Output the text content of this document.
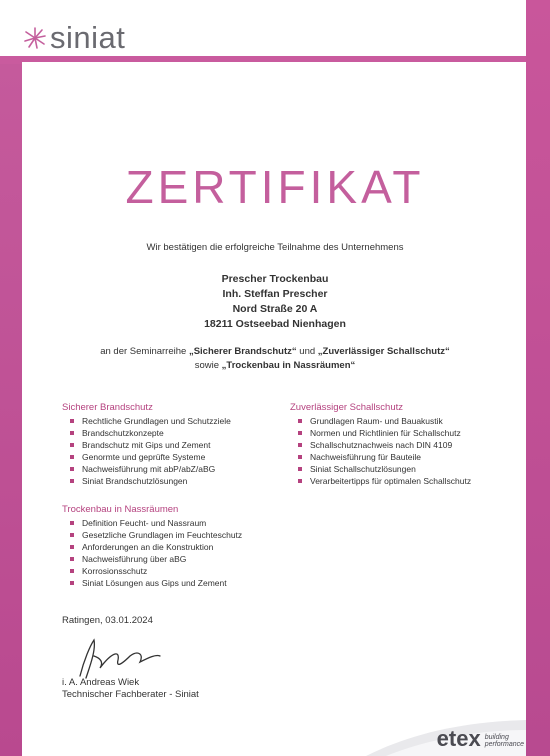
siniat
ZERTIFIKAT
Wir bestätigen die erfolgreiche Teilnahme des Unternehmens
Prescher Trockenbau
Inh. Steffan Prescher
Nord Straße 20 A
18211 Ostseebad Nienhagen
an der Seminarreihe „Sicherer Brandschutz“ und „Zuverlässiger Schallschutz“
sowie „Trockenbau in Nassräumen“
Sicherer Brandschutz
Rechtliche Grundlagen und Schutzziele
Brandschutzkonzepte
Brandschutz mit Gips und Zement
Genormte und geprüfte Systeme
Nachweisführung mit abP/abZ/aBG
Siniat Brandschutzlösungen
Zuverlässiger Schallschutz
Grundlagen Raum- und Bauakustik
Normen und Richtlinien für Schallschutz
Schallschutznachweis nach DIN 4109
Nachweisführung für Bauteile
Siniat Schallschutzlösungen
Verarbeitertipps für optimalen Schallschutz
Trockenbau in Nassräumen
Definition Feucht- und Nassraum
Gesetzliche Grundlagen im Feuchteschutz
Anforderungen an die Konstruktion
Nachweisführung über aBG
Korrosionsschutz
Siniat Lösungen aus Gips und Zement
Ratingen, 03.01.2024
i. A. Andreas Wiek
Technischer Fachberater - Siniat
etex building
performance
